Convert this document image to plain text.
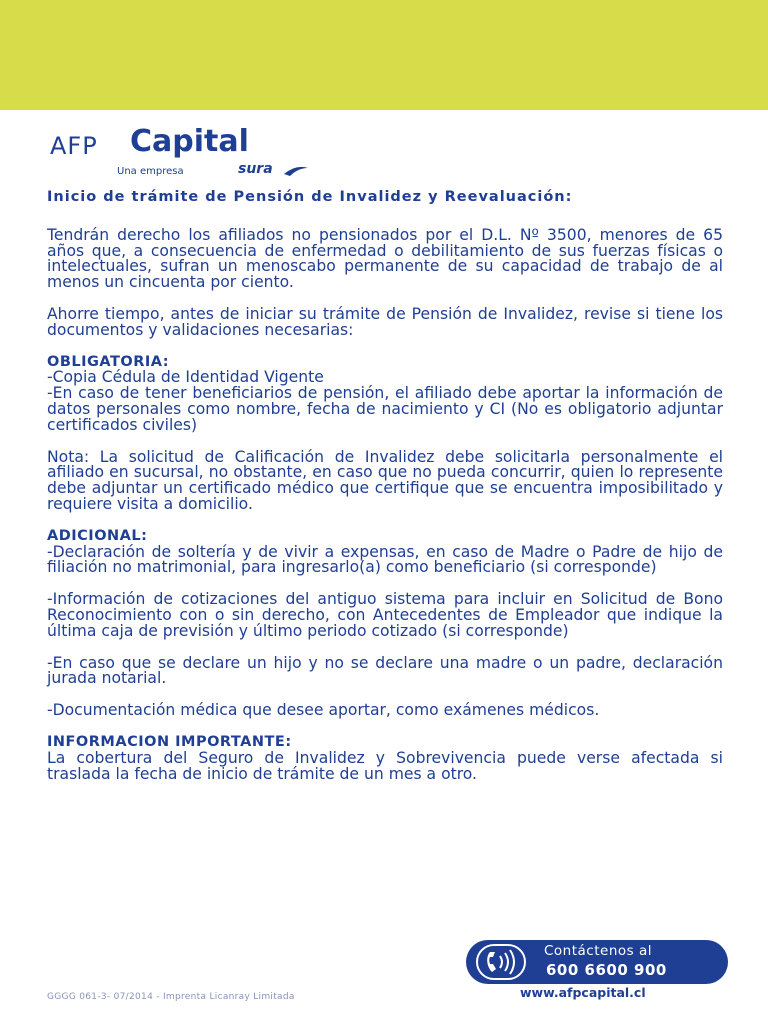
AFP Capital
Una empresa	sura

Inicio de trámite de Pensión de Invalidez y Reevaluación:

Tendrán derecho los afiliados no pensionados por el D.L. Nº 3500, menores de 65 años que, a consecuencia de enfermedad o debilitamiento de sus fuerzas físicas o intelectuales, sufran un menoscabo permanente de su capacidad de trabajo de al menos un cincuenta por ciento.

Ahorre tiempo, antes de iniciar su trámite de Pensión de Invalidez, revise si tiene los documentos y validaciones necesarias:

OBLIGATORIA:

-Copia Cédula de Identidad Vigente

-En caso de tener beneficiarios de pensión, el afiliado debe aportar la información de datos personales como nombre, fecha de nacimiento y CI (No es obligatorio adjuntar certificados civiles)

Nota: La solicitud de Calificación de Invalidez debe solicitarla personalmente el afiliado en sucursal, no obstante, en caso que no pueda concurrir, quien lo represente debe adjuntar un certificado médico que certifique que se encuentra imposibilitado y requiere visita a domicilio.

ADICIONAL:

-Declaración de soltería y de vivir a expensas, en caso de Madre o Padre de hijo de filiación no matrimonial, para ingresarlo(a) como beneficiario (si corresponde)

-Información de cotizaciones del antiguo sistema para incluir en Solicitud de Bono Reconocimiento con o sin derecho, con Antecedentes de Empleador que indique la última caja de previsión y último periodo cotizado (si corresponde)

-En caso que se declare un hijo y no se declare una madre o un padre, declaración jurada notarial.

-Documentación médica que desee aportar, como exámenes médicos.

INFORMACION IMPORTANTE:

La cobertura del Seguro de Invalidez y Sobrevivencia puede verse afectada si traslada la fecha de inicio de trámite de un mes a otro.

Contáctenos al
600 6600 900
www.afpcapital.cl
GGGG 061-3- 07/2014 - Imprenta Licanray Limitada
